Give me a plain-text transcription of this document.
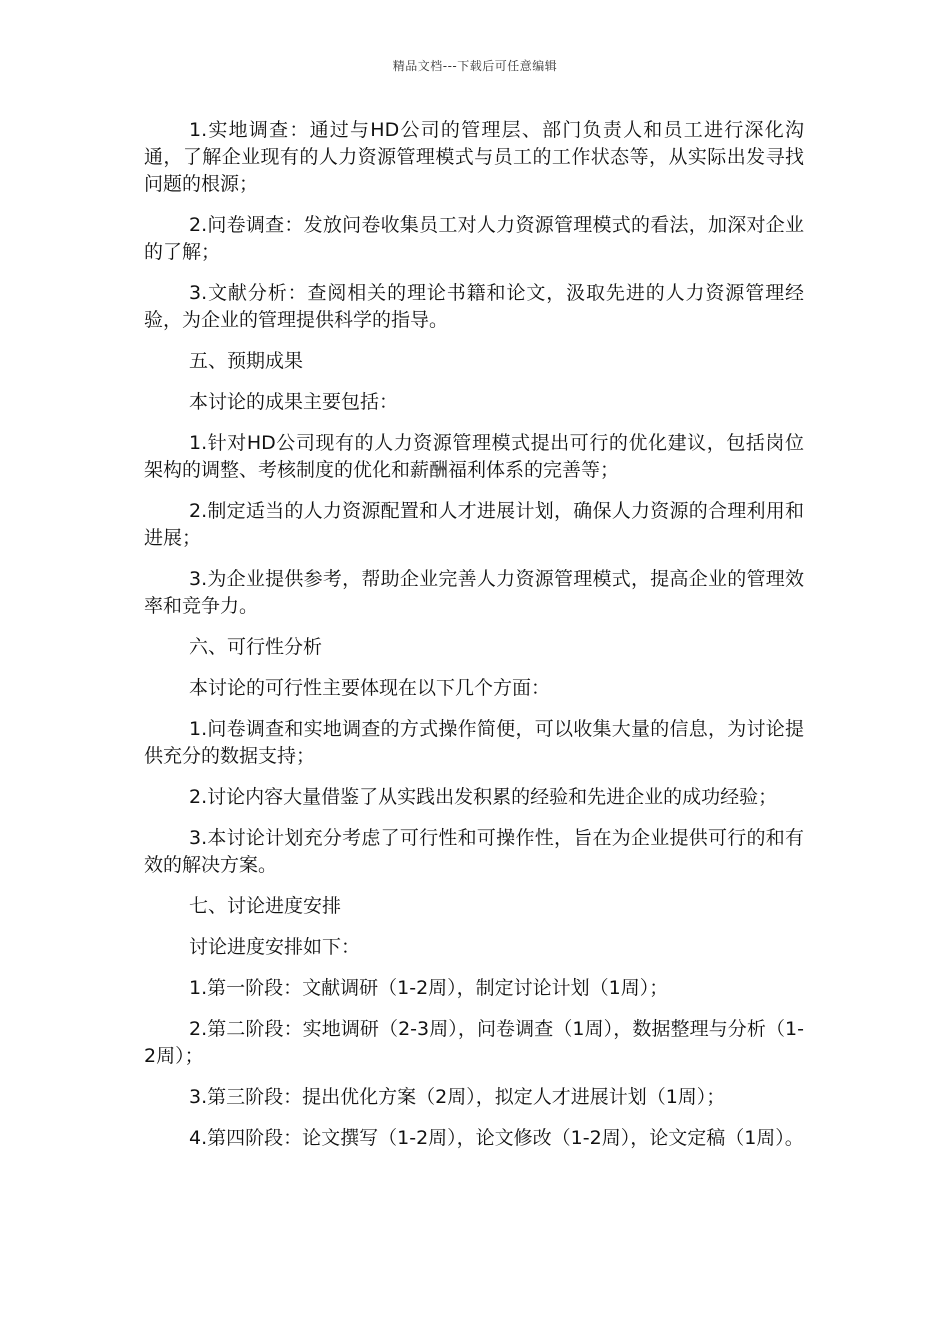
精品文档---下载后可任意编辑

1.实地调查：通过与HD公司的管理层、部门负责人和员工进行深化沟通，了解企业现有的人力资源管理模式与员工的工作状态等，从实际出发寻找问题的根源；

2.问卷调查：发放问卷收集员工对人力资源管理模式的看法，加深对企业的了解；

3.文献分析：查阅相关的理论书籍和论文，汲取先进的人力资源管理经验，为企业的管理提供科学的指导。

五、预期成果

本讨论的成果主要包括：

1.针对HD公司现有的人力资源管理模式提出可行的优化建议，包括岗位架构的调整、考核制度的优化和薪酬福利体系的完善等；

2.制定适当的人力资源配置和人才进展计划，确保人力资源的合理利用和进展；

3.为企业提供参考，帮助企业完善人力资源管理模式，提高企业的管理效率和竞争力。

六、可行性分析

本讨论的可行性主要体现在以下几个方面：

1.问卷调查和实地调查的方式操作简便，可以收集大量的信息，为讨论提供充分的数据支持；

2.讨论内容大量借鉴了从实践出发积累的经验和先进企业的成功经验；

3.本讨论计划充分考虑了可行性和可操作性，旨在为企业提供可行的和有效的解决方案。

七、讨论进度安排

讨论进度安排如下：

1.第一阶段：文献调研（1-2周），制定讨论计划（1周）；

2.第二阶段：实地调研（2-3周），问卷调查（1周），数据整理与分析（1-2周）；

3.第三阶段：提出优化方案（2周），拟定人才进展计划（1周）；

4.第四阶段：论文撰写（1-2周），论文修改（1-2周），论文定稿（1周）。
